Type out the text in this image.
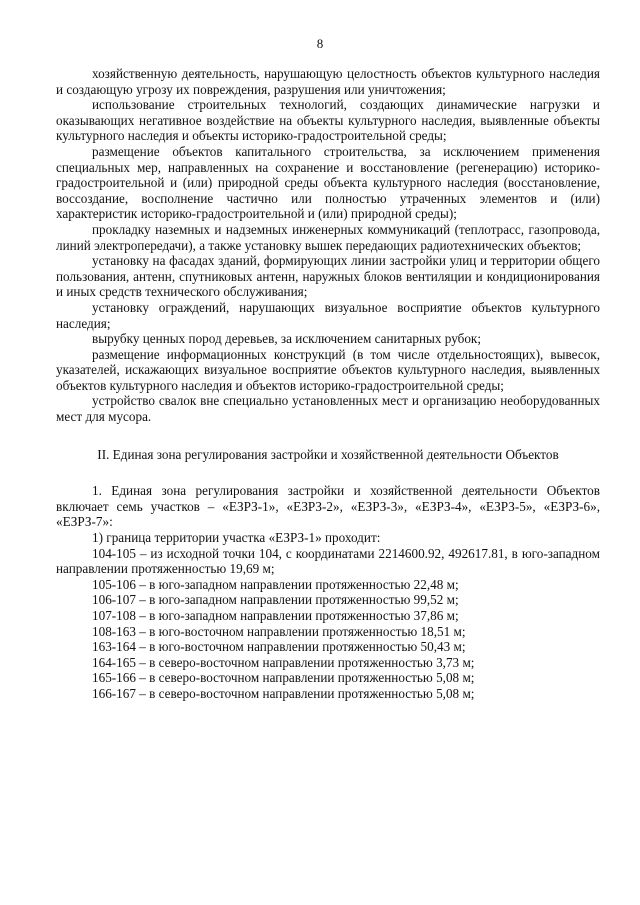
8

хозяйственную деятельность, нарушающую целостность объектов культурного наследия и создающую угрозу их повреждения, разрушения или уничтожения;

использование строительных технологий, создающих динамические нагрузки и оказывающих негативное воздействие на объекты культурного наследия, выявленные объекты культурного наследия и объекты историко-градостроительной среды;

размещение объектов капитального строительства, за исключением применения специальных мер, направленных на сохранение и восстановление (регенерацию) историко-градостроительной и (или) природной среды объекта культурного наследия (восстановление, воссоздание, восполнение частично или полностью утраченных элементов и (или) характеристик историко-градостроительной и (или) природной среды);

прокладку наземных и надземных инженерных коммуникаций (теплотрасс, газопровода, линий электропередачи), а также установку вышек передающих радиотехнических объектов;

установку на фасадах зданий, формирующих линии застройки улиц и территории общего пользования, антенн, спутниковых антенн, наружных блоков вентиляции и кондиционирования и иных средств технического обслуживания;

установку ограждений, нарушающих визуальное восприятие объектов культурного наследия;

вырубку ценных пород деревьев, за исключением санитарных рубок;

размещение информационных конструкций (в том числе отдельностоящих), вывесок, указателей, искажающих визуальное восприятие объектов культурного наследия, выявленных объектов культурного наследия и объектов историко-градостроительной среды;

устройство свалок вне специально установленных мест и организацию необорудованных мест для мусора.

II. Единая зона регулирования застройки и хозяйственной деятельности Объектов

1. Единая зона регулирования застройки и хозяйственной деятельности Объектов включает семь участков – «ЕЗРЗ-1», «ЕЗРЗ-2», «ЕЗРЗ-3», «ЕЗРЗ-4», «ЕЗРЗ-5», «ЕЗРЗ-6», «ЕЗРЗ-7»:

1) граница территории участка «ЕЗРЗ-1» проходит:

104-105 – из исходной точки 104, с координатами 2214600.92, 492617.81, в юго-западном направлении протяженностью 19,69 м;

105-106 – в юго-западном направлении протяженностью 22,48 м;

106-107 – в юго-западном направлении протяженностью 99,52 м;

107-108 – в юго-западном направлении протяженностью 37,86 м;

108-163 – в юго-восточном направлении протяженностью 18,51 м;

163-164 – в юго-восточном направлении протяженностью 50,43 м;

164-165 – в северо-восточном направлении протяженностью 3,73 м;

165-166 – в северо-восточном направлении протяженностью 5,08 м;

166-167 – в северо-восточном направлении протяженностью 5,08 м;
